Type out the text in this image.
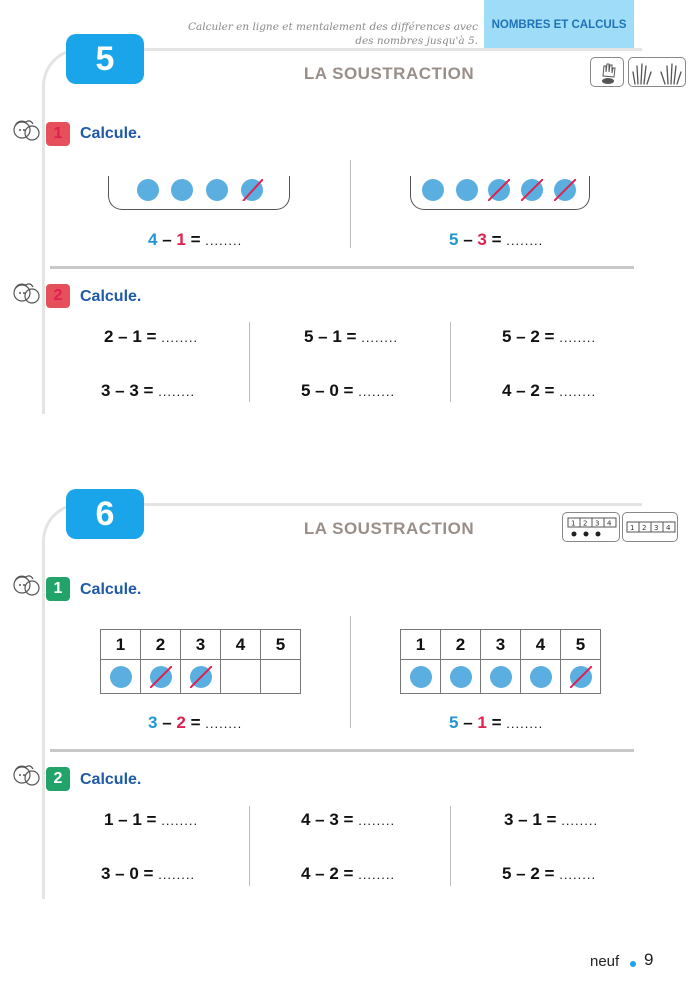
Calculer en ligne et mentalement des différences avec des nombres jusqu'à 5.
NOMBRES ET CALCULS
5	LA SOUSTRACTION
1	Calcule.
4 – 1 = ........	5 – 3 = ........
2	Calcule.
2 – 1 = ........	5 – 1 = ........	5 – 2 = ........
3 – 3 = ........	5 – 0 = ........	4 – 2 = ........
6	LA SOUSTRACTION	1 2 3 4
1 2 3 4
1	Calcule.
1	2	3	4	5

3 – 2 = ........
1	2	3	4	5

5 – 1 = ........
2	Calcule.
1 – 1 = ........	4 – 3 = ........	3 – 1 = ........
3 – 0 = ........	4 – 2 = ........	5 – 2 = ........
neuf 9
